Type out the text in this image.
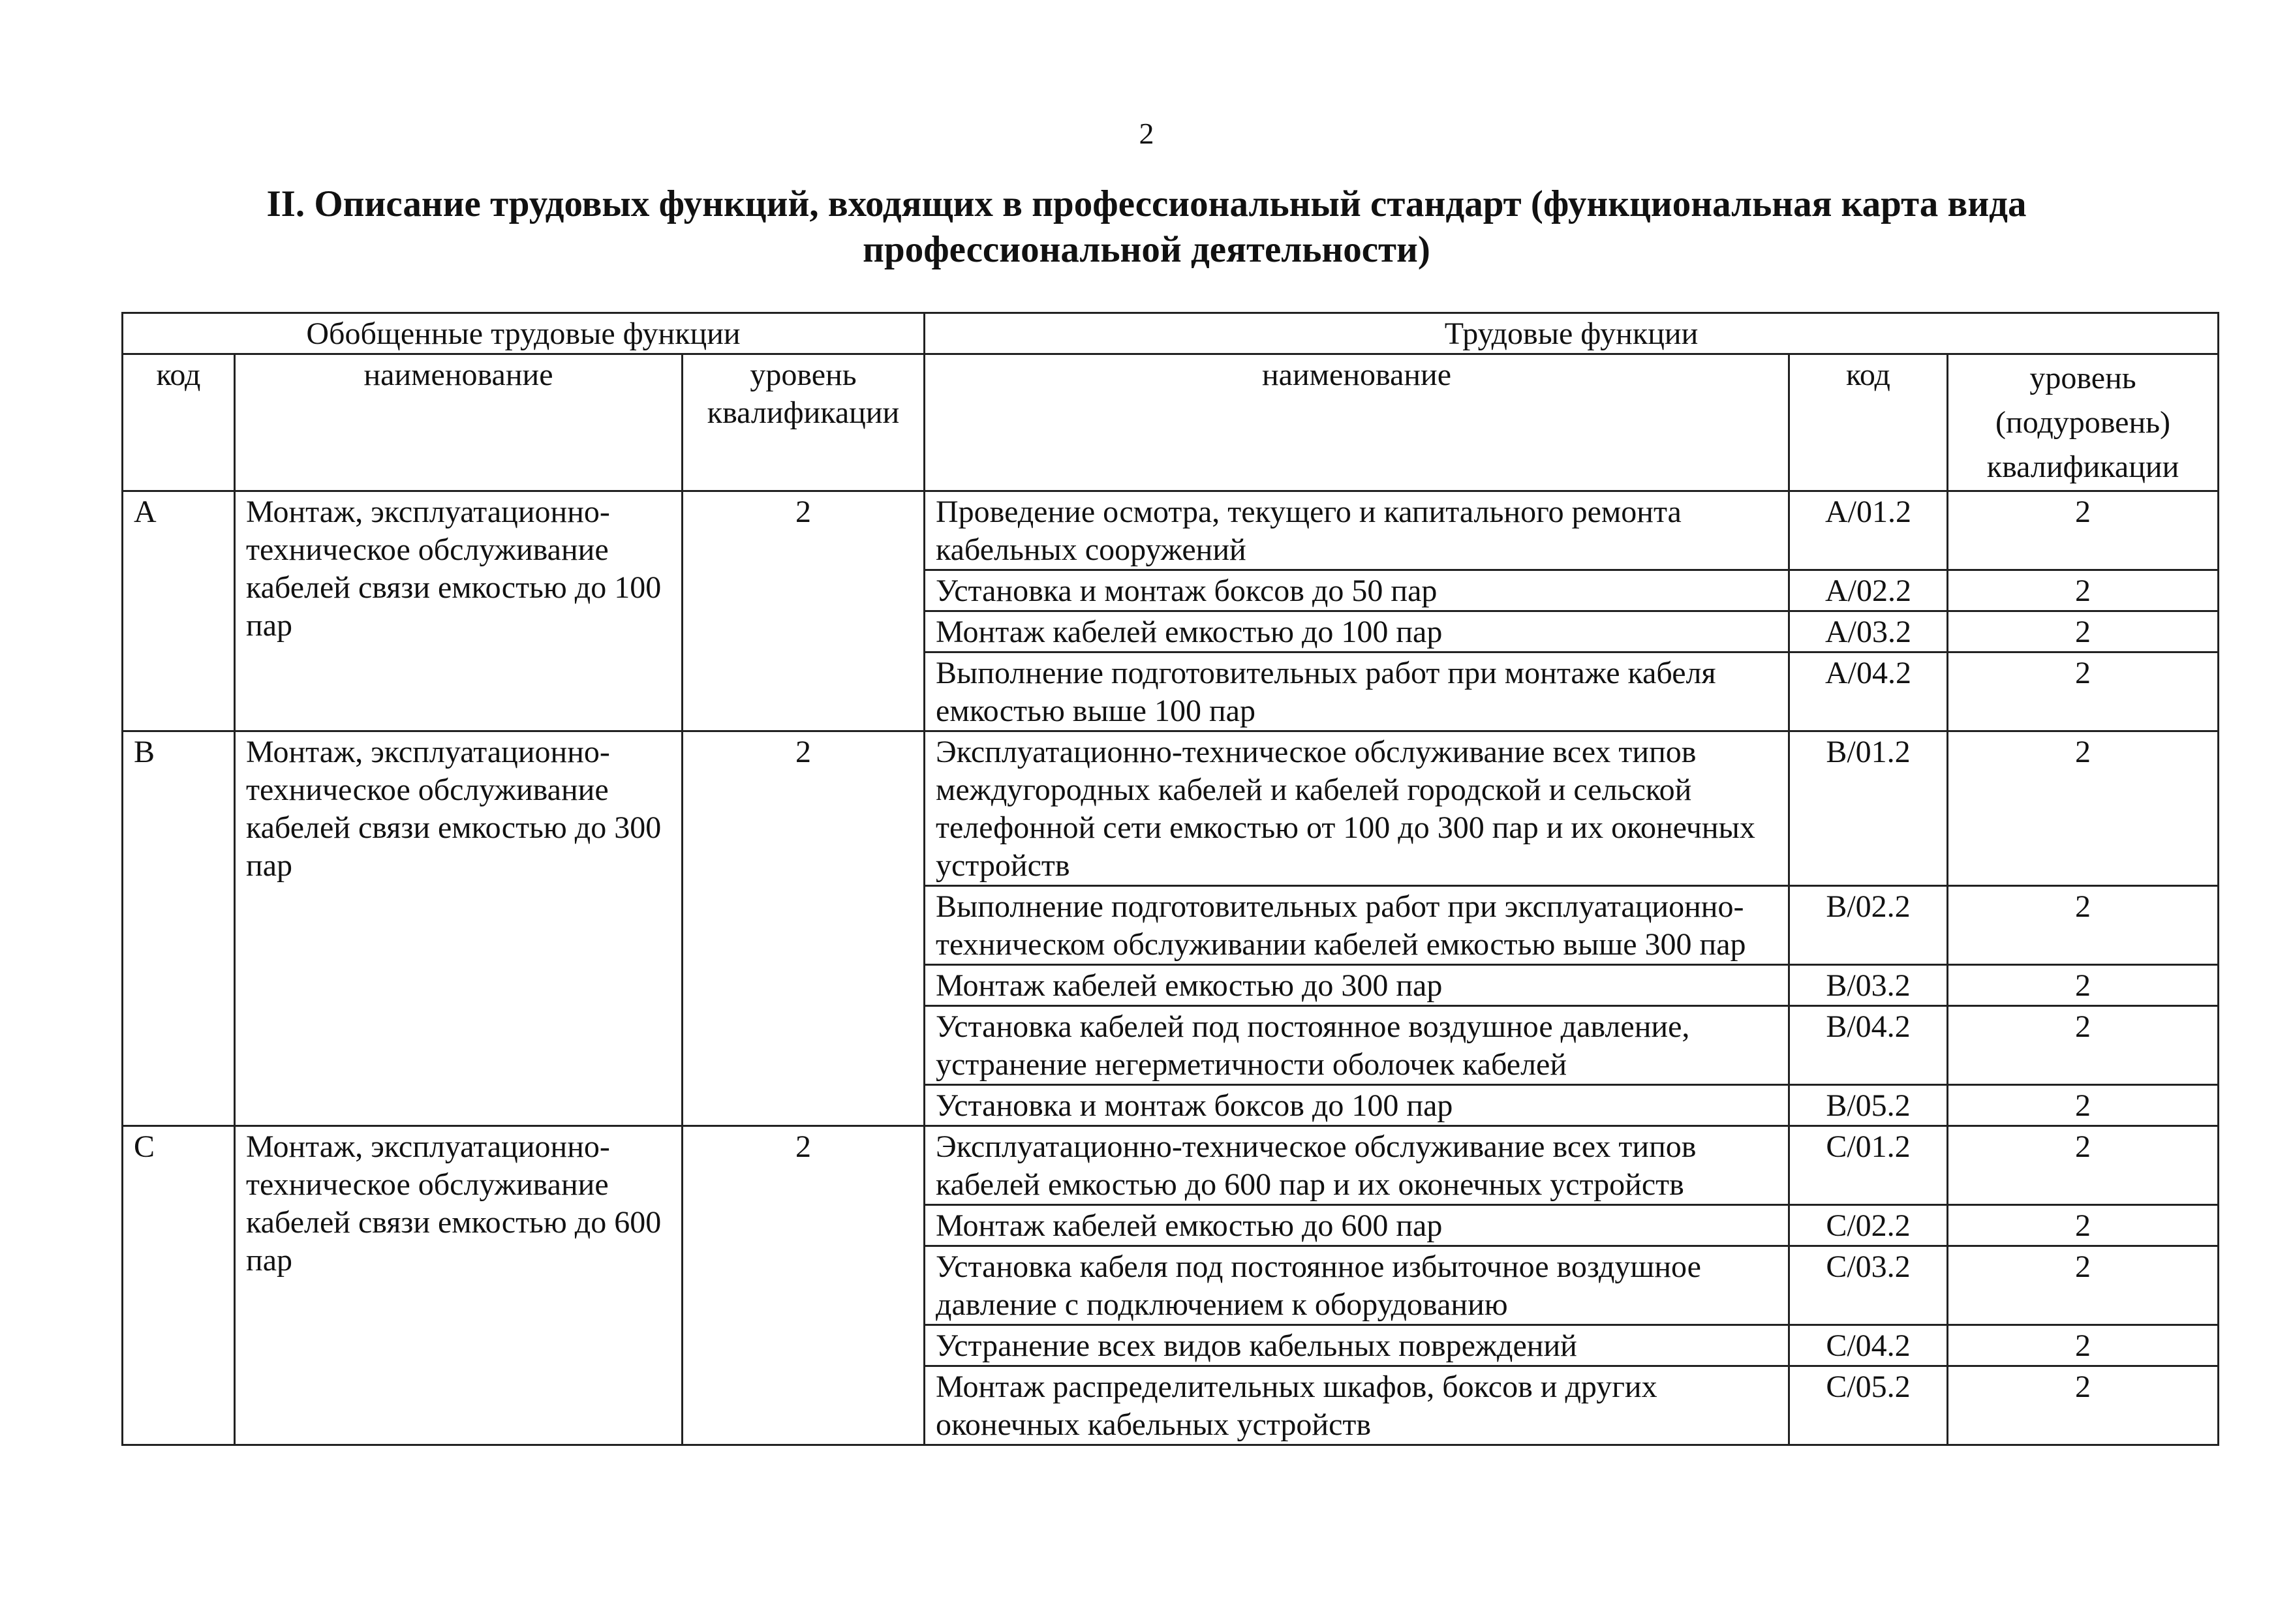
2
II. Описание трудовых функций, входящих в профессиональный стандарт (функциональная карта вида профессиональной деятельности)
Обобщенные трудовые функции			Трудовые функции		
код	наименование	уровень квалификации	наименование	код	уровень (подуровень) квалификации
A	Монтаж, эксплуатационно-техническое обслуживание кабелей связи емкостью до 100 пар	2	Проведение осмотра, текущего и капитального ремонта кабельных сооружений	A/01.2	2
			Установка и монтаж боксов до 50 пар	A/02.2	2
			Монтаж кабелей емкостью до 100 пар	A/03.2	2
			Выполнение подготовительных работ при монтаже кабеля емкостью выше 100 пар	A/04.2	2
B	Монтаж, эксплуатационно-техническое обслуживание кабелей связи емкостью до 300 пар	2	Эксплуатационно-техническое обслуживание всех типов междугородных кабелей и кабелей городской и сельской телефонной сети емкостью от 100 до 300 пар и их оконечных устройств	B/01.2	2
			Выполнение подготовительных работ при эксплуатационно-техническом обслуживании кабелей емкостью выше 300 пар	B/02.2	2
			Монтаж кабелей емкостью до 300 пар	B/03.2	2
			Установка кабелей под постоянное воздушное давление, устранение негерметичности оболочек кабелей	B/04.2	2
			Установка и монтаж боксов до 100 пар	B/05.2	2
C	Монтаж, эксплуатационно-техническое обслуживание кабелей связи емкостью до 600 пар	2	Эксплуатационно-техническое обслуживание всех типов кабелей емкостью до 600 пар и их оконечных устройств	C/01.2	2
			Монтаж кабелей емкостью до 600 пар	C/02.2	2
			Установка кабеля под постоянное избыточное воздушное давление с подключением к оборудованию	C/03.2	2
			Устранение всех видов кабельных повреждений	C/04.2	2
			Монтаж распределительных шкафов, боксов и других оконечных кабельных устройств	C/05.2	2
